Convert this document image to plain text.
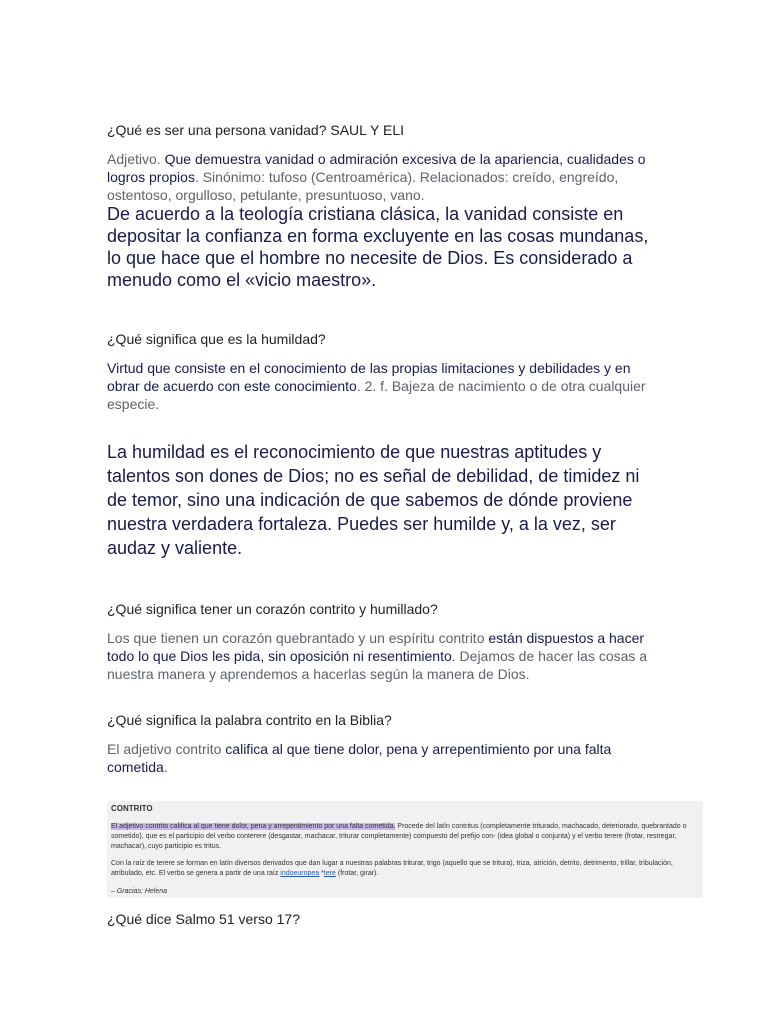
¿Qué es ser una persona vanidad? SAUL Y ELI

Adjetivo. Que demuestra vanidad o admiración excesiva de la apariencia, cualidades o logros propios. Sinónimo: tufoso (Centroamérica). Relacionados: creído, engreído, ostentoso, orgulloso, petulante, presuntuoso, vano.

De acuerdo a la teología cristiana clásica, la vanidad consiste en depositar la confianza en forma excluyente en las cosas mundanas, lo que hace que el hombre no necesite de Dios. Es considerado a menudo como el «vicio maestro».

¿Qué significa que es la humildad?

Virtud que consiste en el conocimiento de las propias limitaciones y debilidades y en obrar de acuerdo con este conocimiento. 2. f. Bajeza de nacimiento o de otra cualquier especie.

La humildad es el reconocimiento de que nuestras aptitudes y talentos son dones de Dios; no es señal de debilidad, de timidez ni de temor, sino una indicación de que sabemos de dónde proviene nuestra verdadera fortaleza. Puedes ser humilde y, a la vez, ser audaz y valiente.

¿Qué significa tener un corazón contrito y humillado?

Los que tienen un corazón quebrantado y un espíritu contrito están dispuestos a hacer todo lo que Dios les pida, sin oposición ni resentimiento. Dejamos de hacer las cosas a nuestra manera y aprendemos a hacerlas según la manera de Dios.

¿Qué significa la palabra contrito en la Biblia?

El adjetivo contrito califica al que tiene dolor, pena y arrepentimiento por una falta cometida.

CONTRITO
El adjetivo contrito califica al que tiene dolor, pena y arrepentimiento por una falta cometida. Procede del latín contritus (completamente triturado, machacado, deteriorado, quebrantado o sometido), que es el participio del verbo conterere (desgastar, machacar, triturar completamente) compuesto del prefijo con- (idea global o conjunta) y el verbo terere (frotar, restregar, machacar), cuyo participio es tritus.
Con la raíz de terere se forman en latín diversos derivados que dan lugar a nuestras palabras triturar, trigo (aquello que se tritura), triza, atrición, detrito, detrimento, trillar, tribulación, atribulado, etc. El verbo se genera a partir de una raíz indoeuropea *tere (frotar, girar).
– Gracias: Helena
¿Qué dice Salmo 51 verso 17?
